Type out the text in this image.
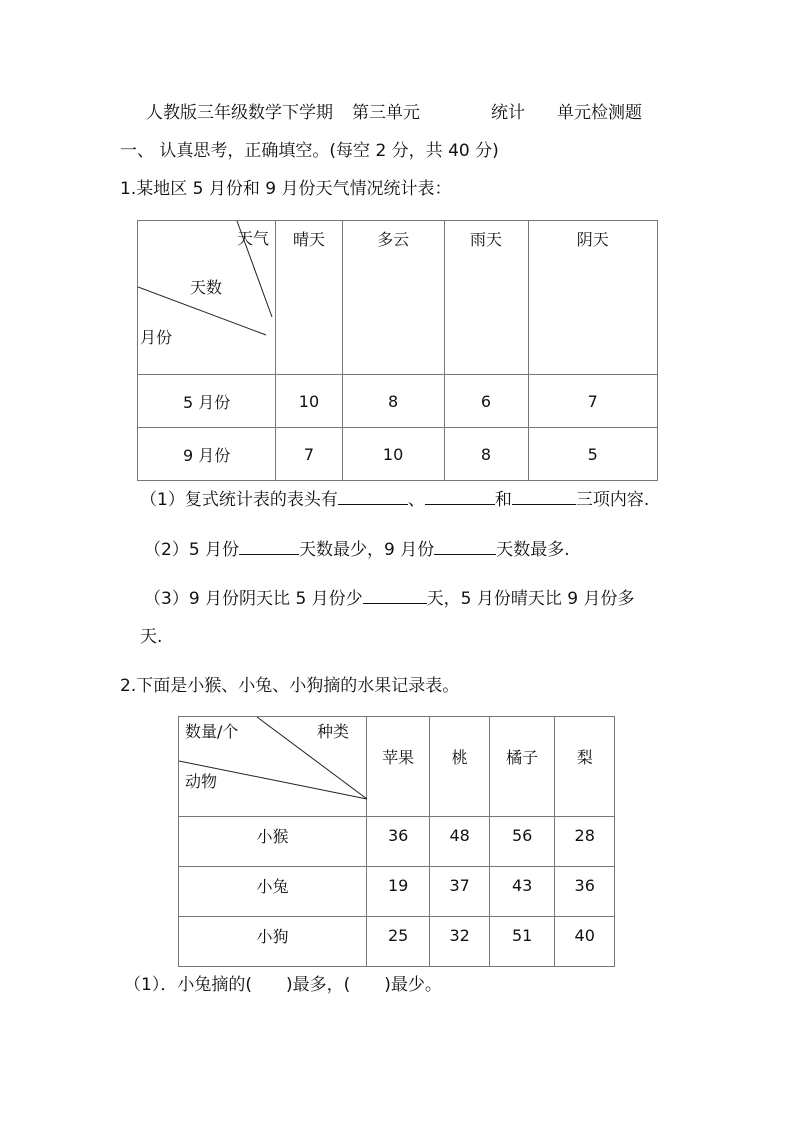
人教版三年级数学下学期 第三单元	统计 单元检测题
一、 认真思考，正确填空。(每空 2 分，共 40 分)
1.某地区 5 月份和 9 月份天气情况统计表：
天气
天数
月份	晴天	多云	雨天	阴天

5 月份	10	8	6	7
9 月份	7	10	8	5
（1）复式统计表的表头有	、	和	三项内容.
（2）5 月份	天数最少，9 月份	天数最多.
（3）9 月份阴天比 5 月份少	天，5 月份晴天比 9 月份多
天.
2.下面是小猴、小兔、小狗摘的水果记录表。
数量/个 种类
动物	苹果	桃	橘子	梨

小猴	36	48	56	28

小兔	19	37	43	36

小狗	25	32	51	40
（1）．小兔摘的( )最多，( )最少。
